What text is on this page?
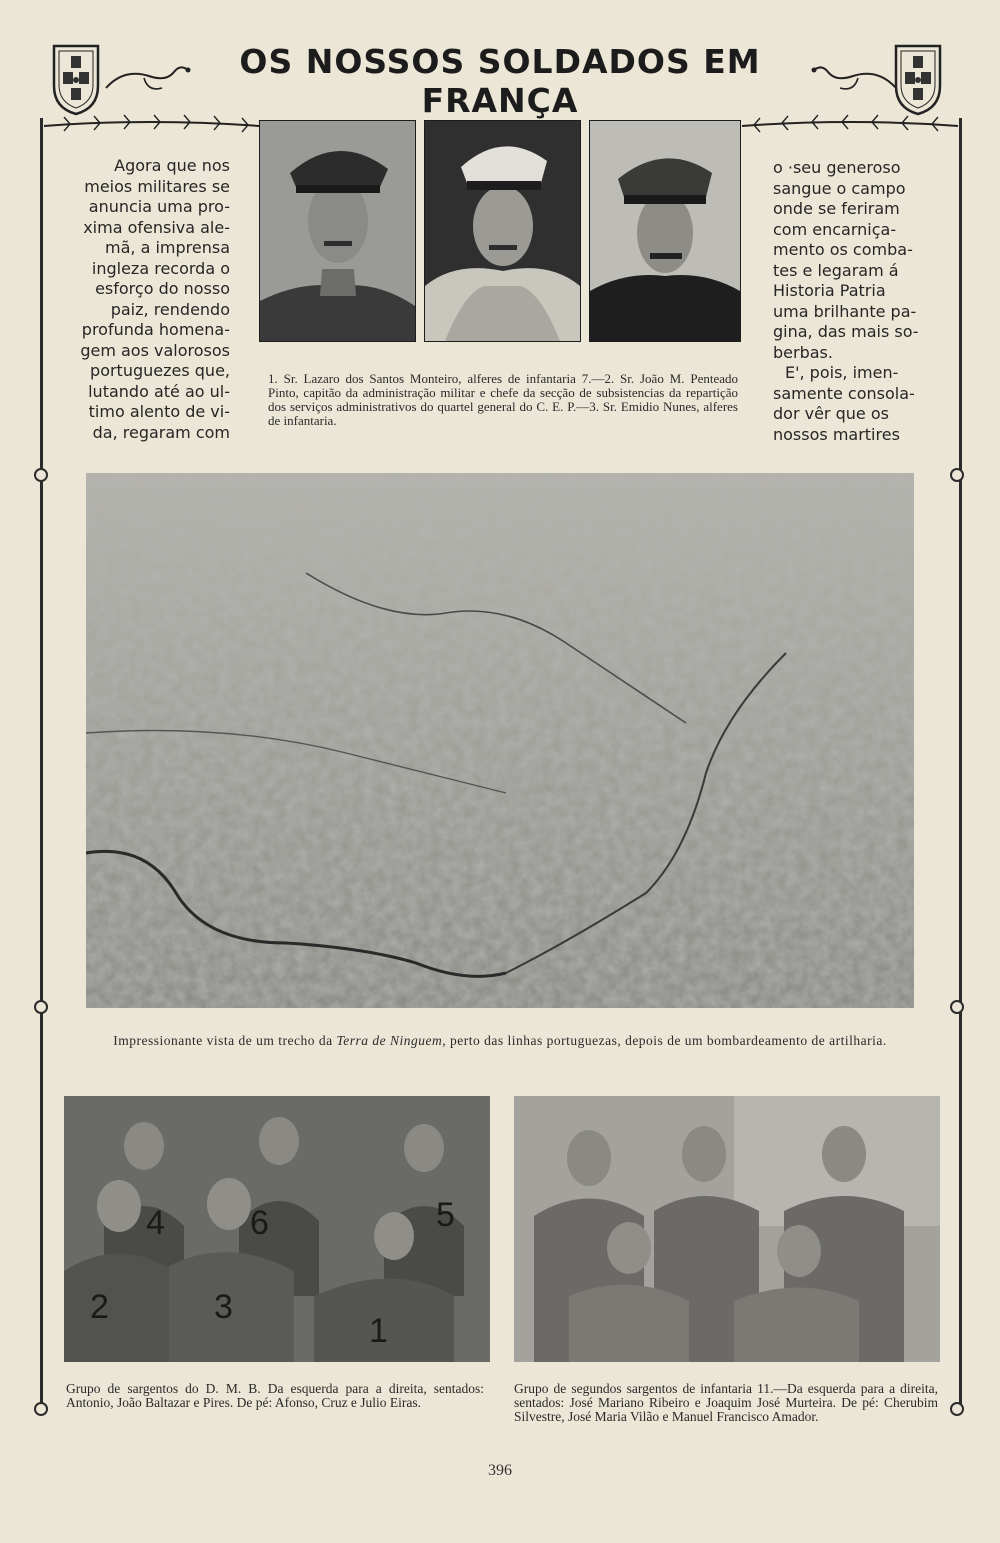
OS NOSSOS SOLDADOS EM FRANÇA

Agora que nos

meios militares se

anuncia uma pro-

xima ofensiva ale-

mã, a imprensa

ingleza recorda o

esforço do nosso

paiz, rendendo

profunda homena-

gem aos valorosos

portuguezes que,

lutando até ao ul-

timo alento de vi-

da, regaram com

1. Sr. Lazaro dos Santos Monteiro, alferes de infantaria 7.—2. Sr. João M. Penteado Pinto, capitão da administração militar e chefe da secção de subsistencias da repartição dos serviços administrativos do quartel general do C. E. P.—3. Sr. Emidio Nunes, alferes de infantaria.

o ·seu generoso

sangue o campo

onde se feriram

com encarniça-

mento os comba-

tes e legaram á

Historia Patria

uma brilhante pa-

gina, das mais so-

berbas.

E', pois, imen-

samente consola-

dor vêr que os

nossos martires

Impressionante vista de um trecho da Terra de Ninguem, perto das linhas portuguezas, depois de um bombardeamento de artilharia.
4	6	5
2	3
1
Grupo de sargentos do D. M. B. Da esquerda para a direita, sentados: Antonio, João Baltazar e Pires. De pé: Afonso, Cruz e Julio Eiras.
Grupo de segundos sargentos de infantaria 11.—Da esquerda para a direita, sentados: José Mariano Ribeiro e Joaquim José Murteira. De pé: Cherubim Silvestre, José Maria Vilão e Manuel Francisco Amador.
396
